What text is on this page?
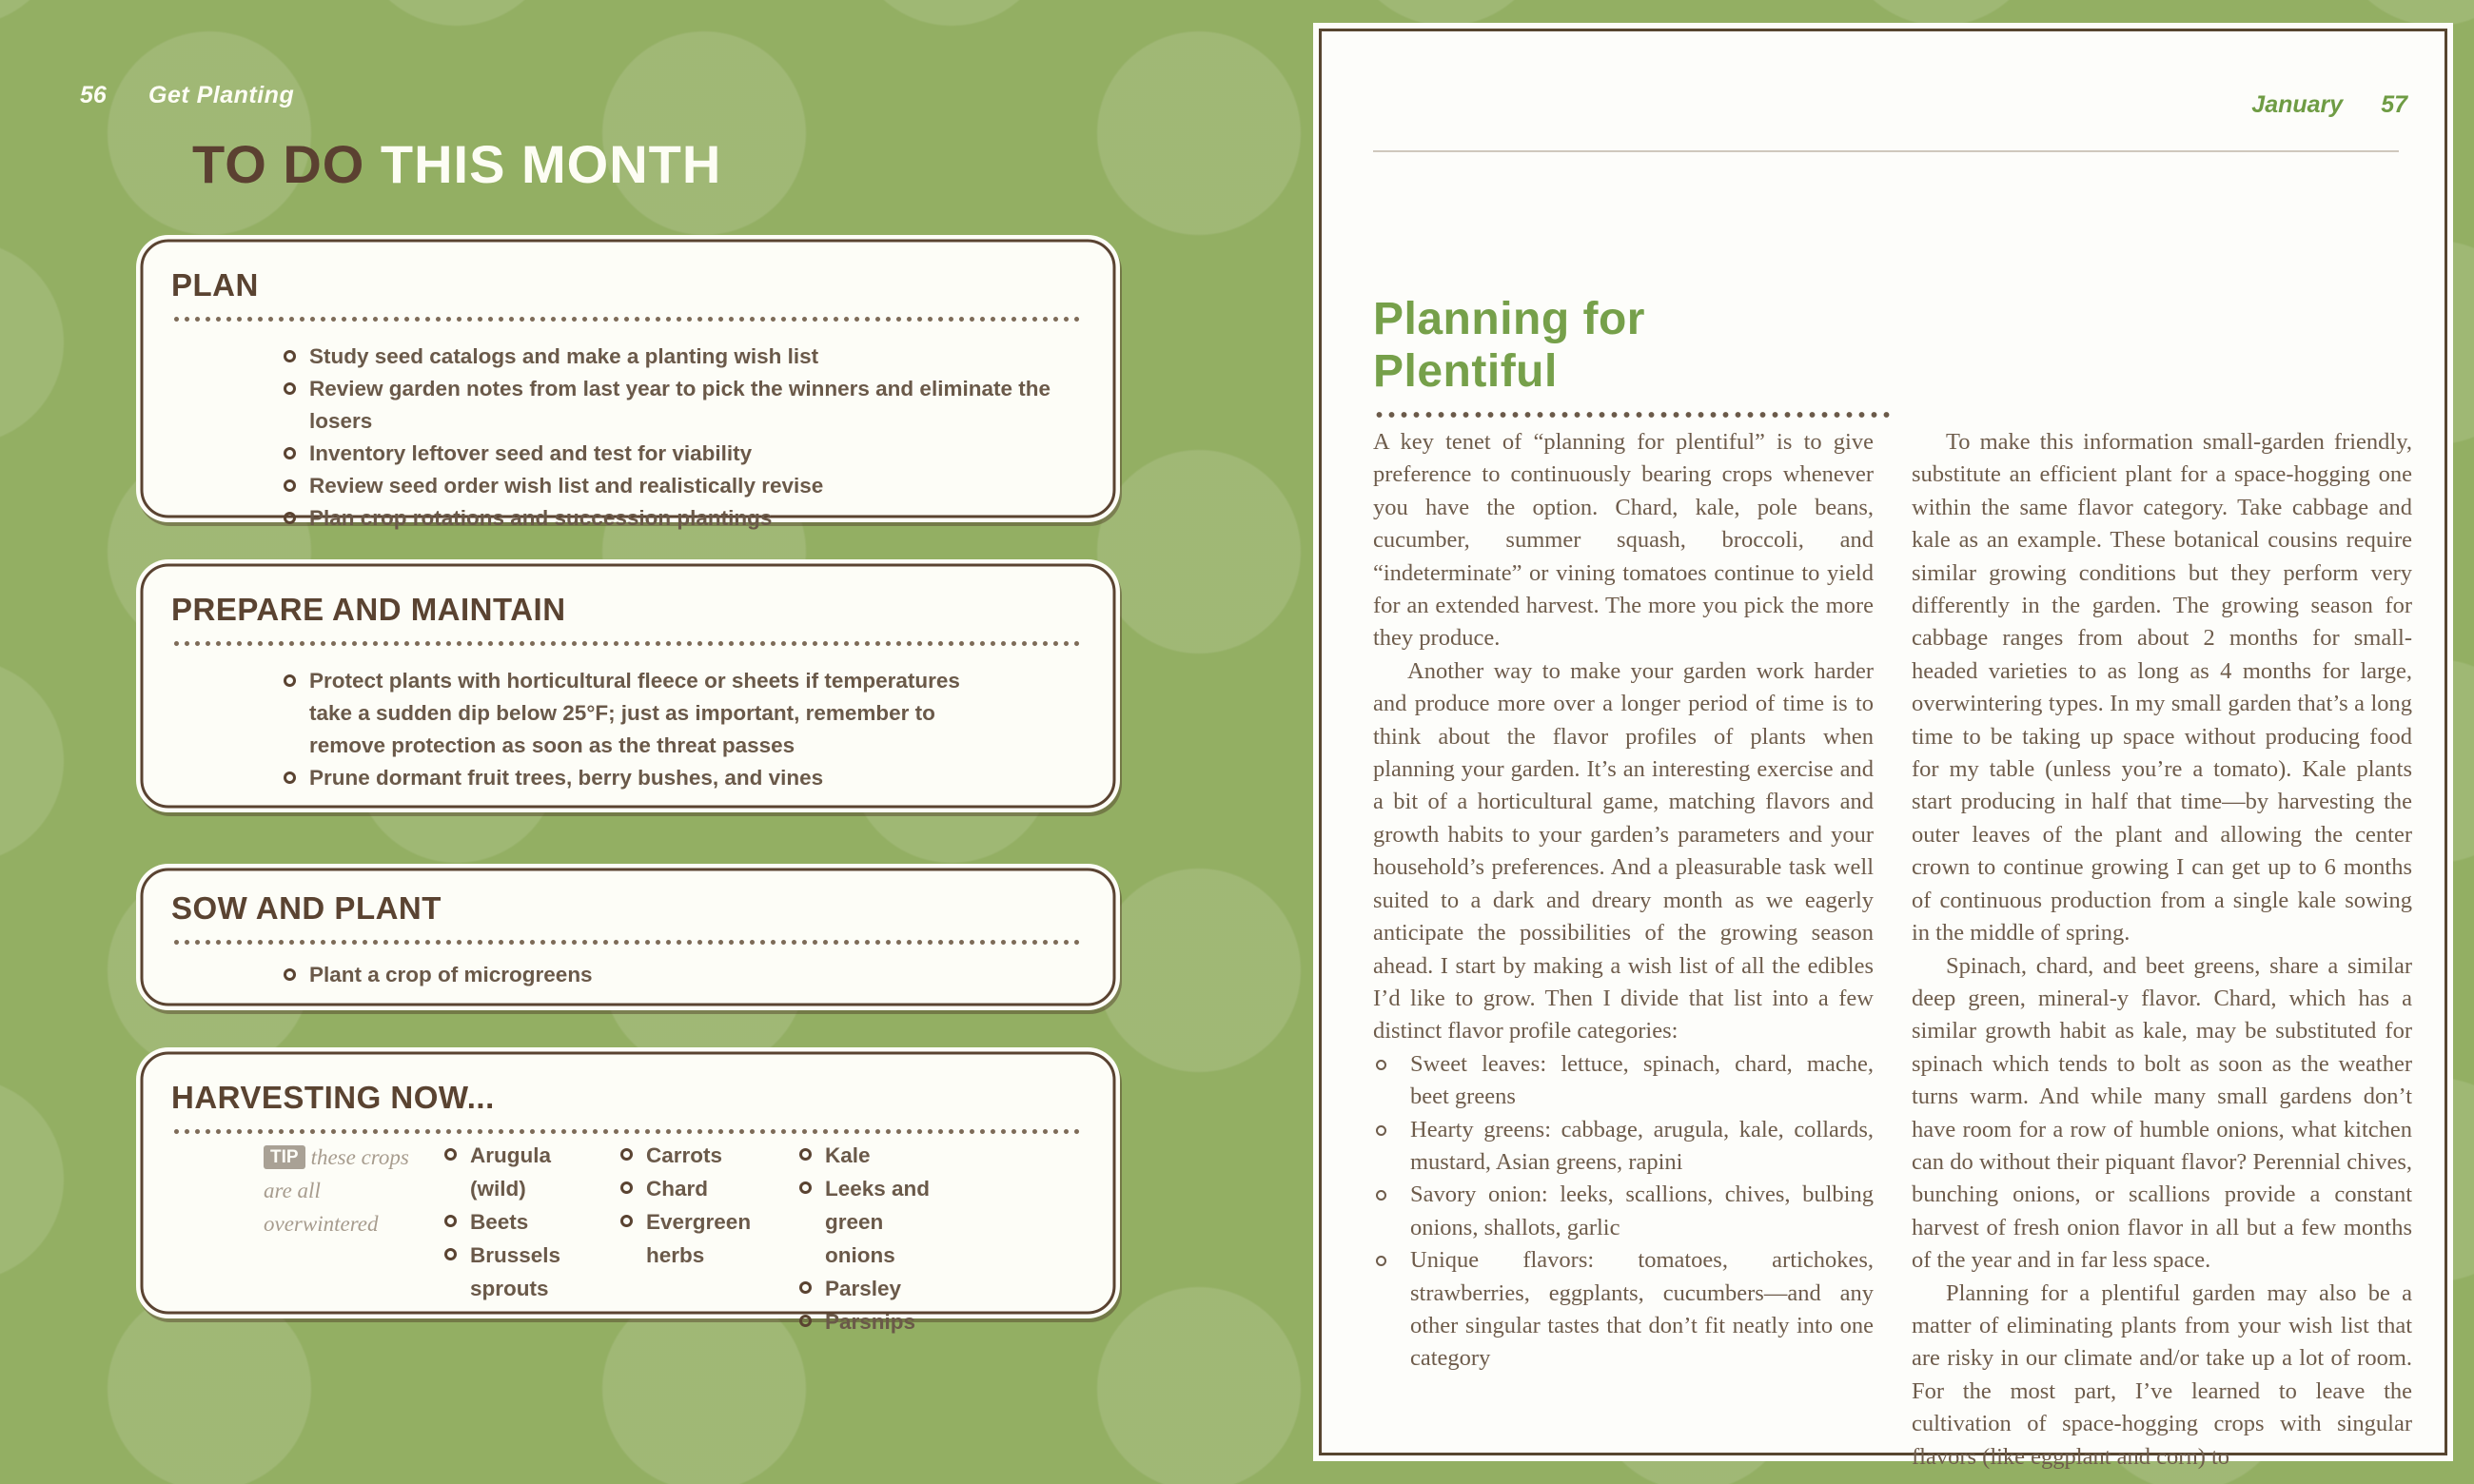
56 Get Planting
TO DO THIS MONTH
PLAN
Study seed catalogs and make a planting wish list
Review garden notes from last year to pick the winners and eliminate the losers
Inventory leftover seed and test for viability
Review seed order wish list and realistically revise
Plan crop rotations and succession plantings
PREPARE AND MAINTAIN
Protect plants with horticultural fleece or sheets if temperatures take a sudden dip below 25°F; just as important, remember to remove protection as soon as the threat passes
Prune dormant fruit trees, berry bushes, and vines
SOW AND PLANT
Plant a crop of microgreens
HARVESTING NOW...
TIP these crops are all overwintered
Arugula (wild)
Beets
Brussels sprouts
Carrots
Chard
Evergreen herbs
Kale
Leeks and green onions
Parsley
Parsnips
January 57
Planning for
Plentiful

A key tenet of “planning for plentiful” is to give preference to continuously bearing crops whenever you have the option. Chard, kale, pole beans, cucumber, summer squash, broccoli, and “indeterminate” or vining tomatoes continue to yield for an extended harvest. The more you pick the more they produce.

Another way to make your garden work harder and produce more over a longer period of time is to think about the flavor profiles of plants when planning your garden. It’s an interesting exercise and a bit of a horticultural game, matching flavors and growth habits to your garden’s parameters and your household’s preferences. And a pleasurable task well suited to a dark and dreary month as we eagerly anticipate the possibilities of the growing season ahead. I start by making a wish list of all the edibles I’d like to grow. Then I divide that list into a few distinct flavor profile categories:

Sweet leaves: lettuce, spinach, chard, mache, beet greens
Hearty greens: cabbage, arugula, kale, collards, mustard, Asian greens, rapini
Savory onion: leeks, scallions, chives, bulbing onions, shallots, garlic
Unique flavors: tomatoes, artichokes, strawberries, eggplants, cucumbers—and any other singular tastes that don’t fit neatly into one category

To make this information small-garden friendly, substitute an efficient plant for a space-hogging one within the same flavor category. Take cabbage and kale as an example. These botanical cousins require similar growing conditions but they perform very differently in the garden. The growing season for cabbage ranges from about 2 months for small-headed varieties to as long as 4 months for large, overwintering types. In my small garden that’s a long time to be taking up space without producing food for my table (unless you’re a tomato). Kale plants start producing in half that time—by harvesting the outer leaves of the plant and allowing the center crown to continue growing I can get up to 6 months of continuous production from a single kale sowing in the middle of spring.

Spinach, chard, and beet greens, share a similar deep green, mineral-y flavor. Chard, which has a similar growth habit as kale, may be substituted for spinach which tends to bolt as soon as the weather turns warm. And while many small gardens don’t have room for a row of humble onions, what kitchen can do without their piquant flavor? Perennial chives, bunching onions, or scallions provide a constant harvest of fresh onion flavor in all but a few months of the year and in far less space.

Planning for a plentiful garden may also be a matter of eliminating plants from your wish list that are risky in our climate and/or take up a lot of room. For the most part, I’ve learned to leave the cultivation of space-hogging crops with singular flavors (like eggplant and corn) to
